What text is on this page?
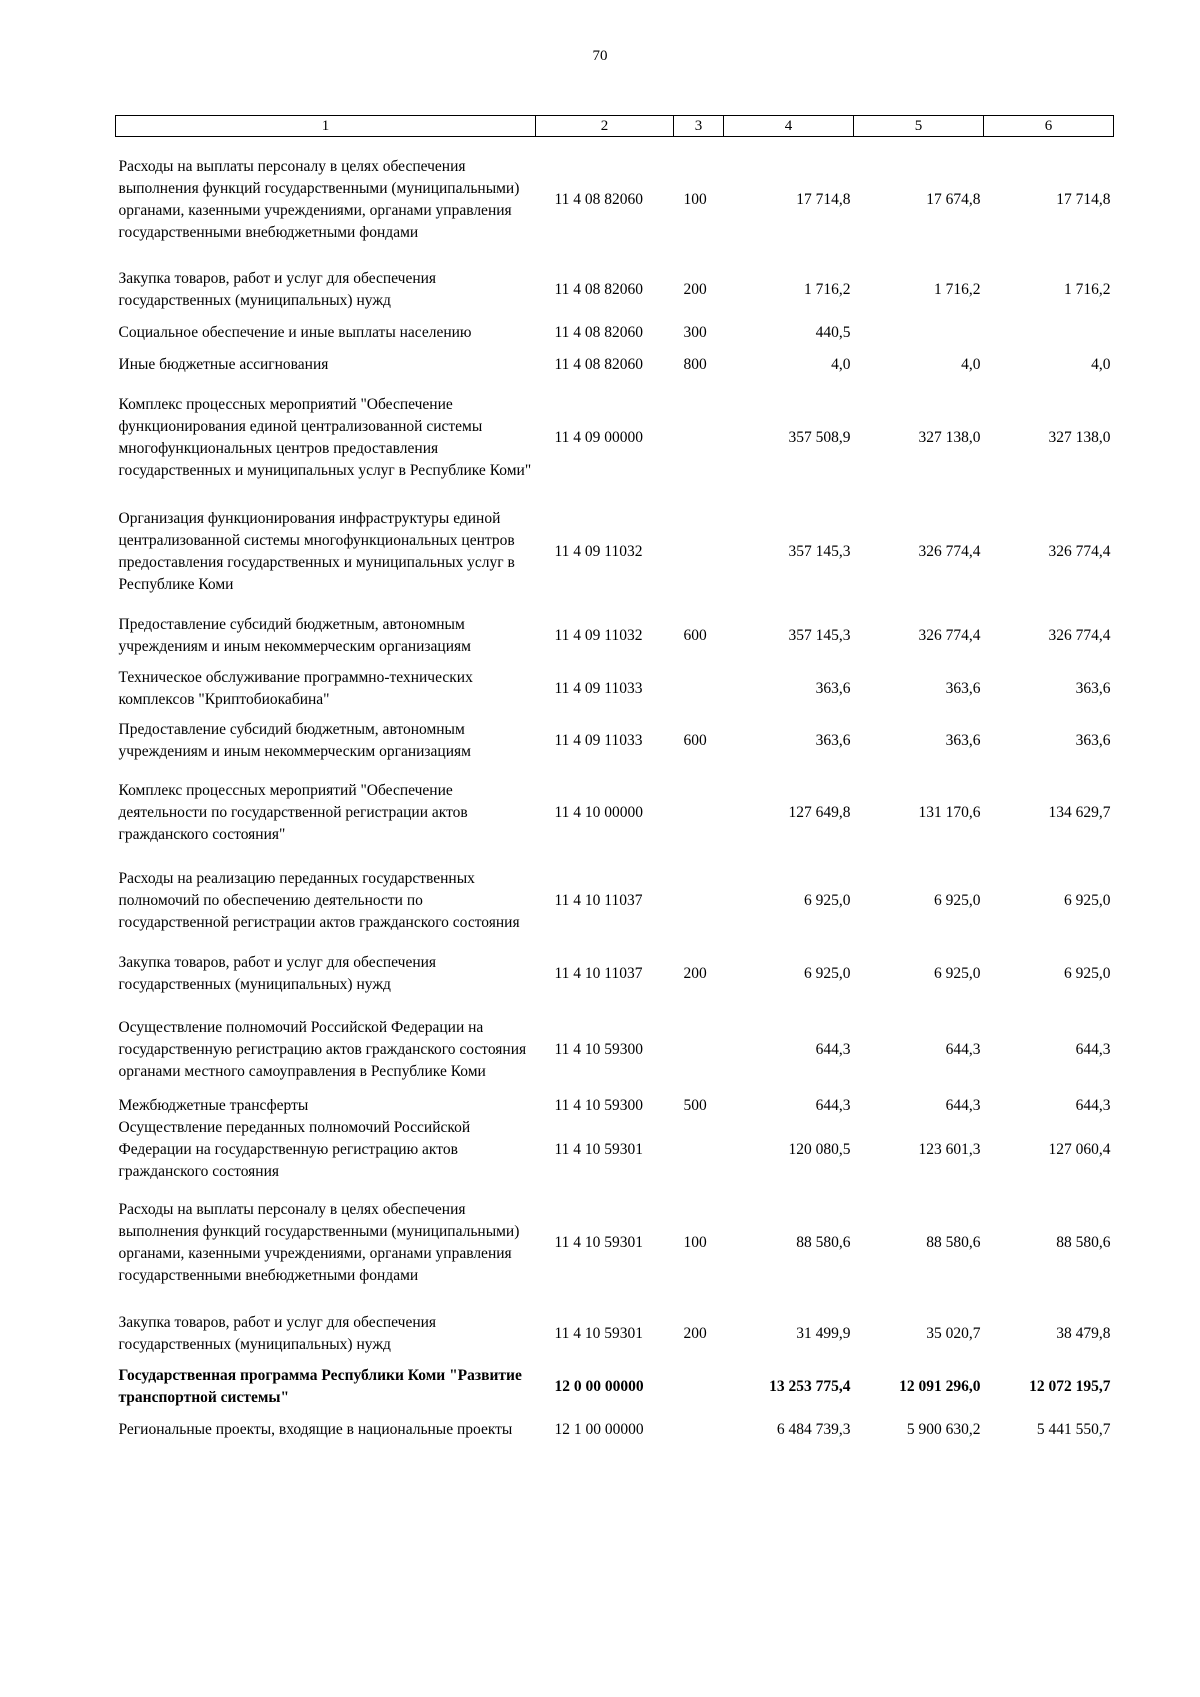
70
1	2	3	4	5	6
Расходы на выплаты персоналу в целях обеспечения выполнения функций государственными (муниципальными) органами, казенными учреждениями, органами управления государственными внебюджетными фондами	11 4 08 82060	100	17 714,8	17 674,8	17 714,8
Закупка товаров, работ и услуг для обеспечения государственных (муниципальных) нужд	11 4 08 82060	200	1 716,2	1 716,2	1 716,2
Социальное обеспечение и иные выплаты населению	11 4 08 82060	300	440,5		
Иные бюджетные ассигнования	11 4 08 82060	800	4,0	4,0	4,0
Комплекс процессных мероприятий "Обеспечение функционирования единой централизованной системы многофункциональных центров предоставления государственных и муниципальных услуг в Республике Коми"	11 4 09 00000		357 508,9	327 138,0	327 138,0
Организация функционирования инфраструктуры единой централизованной системы многофункциональных центров предоставления государственных и муниципальных услуг в Республике Коми	11 4 09 11032		357 145,3	326 774,4	326 774,4
Предоставление субсидий бюджетным, автономным учреждениям и иным некоммерческим организациям	11 4 09 11032	600	357 145,3	326 774,4	326 774,4
Техническое обслуживание программно-технических комплексов "Криптобиокабина"	11 4 09 11033		363,6	363,6	363,6
Предоставление субсидий бюджетным, автономным учреждениям и иным некоммерческим организациям	11 4 09 11033	600	363,6	363,6	363,6
Комплекс процессных мероприятий "Обеспечение деятельности по государственной регистрации актов гражданского состояния"	11 4 10 00000		127 649,8	131 170,6	134 629,7
Расходы на реализацию переданных государственных полномочий по обеспечению деятельности по государственной регистрации актов гражданского состояния	11 4 10 11037		6 925,0	6 925,0	6 925,0
Закупка товаров, работ и услуг для обеспечения государственных (муниципальных) нужд	11 4 10 11037	200	6 925,0	6 925,0	6 925,0
Осуществление полномочий Российской Федерации на государственную регистрацию актов гражданского состояния органами местного самоуправления в Республике Коми	11 4 10 59300		644,3	644,3	644,3
Межбюджетные трансферты	11 4 10 59300	500	644,3	644,3	644,3
Осуществление переданных полномочий Российской Федерации на государственную регистрацию актов гражданского состояния	11 4 10 59301		120 080,5	123 601,3	127 060,4
Расходы на выплаты персоналу в целях обеспечения выполнения функций государственными (муниципальными) органами, казенными учреждениями, органами управления государственными внебюджетными фондами	11 4 10 59301	100	88 580,6	88 580,6	88 580,6
Закупка товаров, работ и услуг для обеспечения государственных (муниципальных) нужд	11 4 10 59301	200	31 499,9	35 020,7	38 479,8
Государственная программа Республики Коми "Развитие транспортной системы"	12 0 00 00000		13 253 775,4	12 091 296,0	12 072 195,7
Региональные проекты, входящие в национальные проекты	12 1 00 00000		6 484 739,3	5 900 630,2	5 441 550,7
